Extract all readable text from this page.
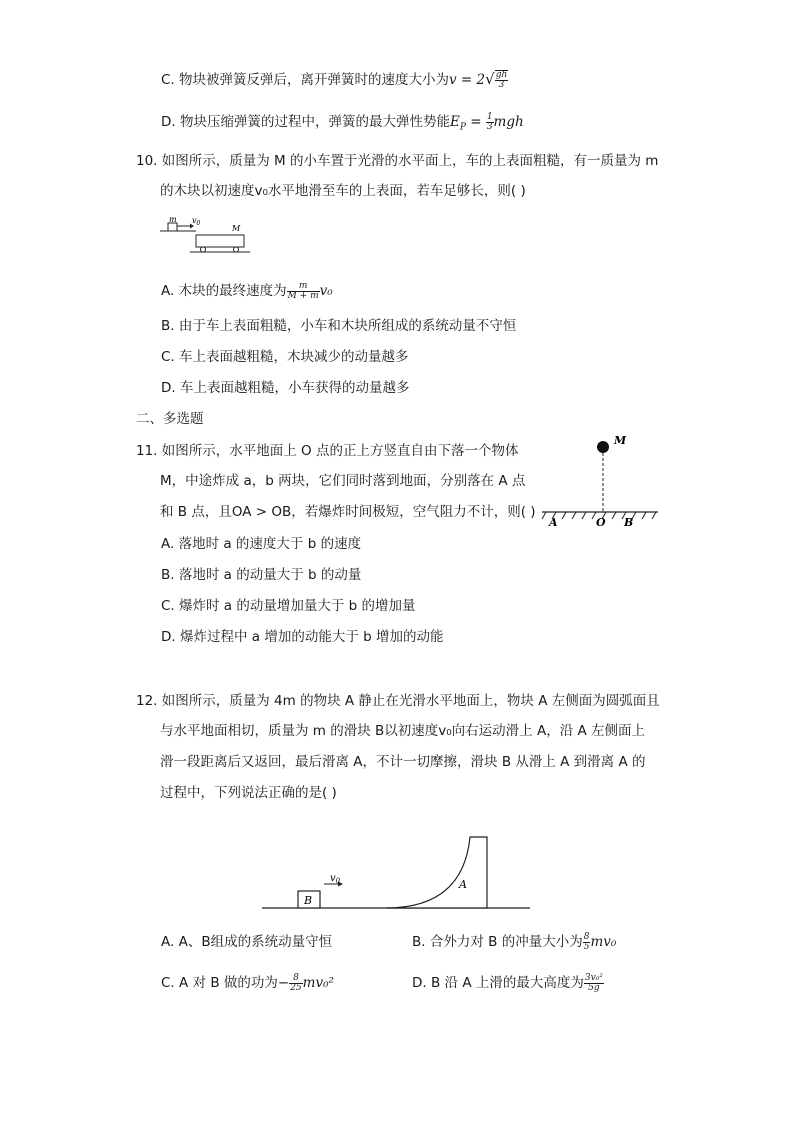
C. 物块被弹簧反弹后，离开弹簧时的速度大小为$v = 2√ \frac{gh}{3}$
D. 物块压缩弹簧的过程中，弹簧的最大弹性势能$E_P = \frac{1}{3}$ mgh
10. 如图所示，质量为 M 的小车置于光滑的水平面上，车的上表面粗糙，有一质量为 m
的木块以初速度v₀水平地滑至车的上表面，若车足够长，则( )
m $v_0$
M
A. 木块的最终速度为 $\frac{m}{M + m} v_0$
B. 由于车上表面粗糙，小车和木块所组成的系统动量不守恒
C. 车上表面越粗糙，木块减少的动量越多
D. 车上表面越粗糙，小车获得的动量越多
二、多选题
11. 如图所示，水平地面上 O 点的正上方竖直自由下落一个物体
M，中途炸成 a，b 两块，它们同时落到地面，分别落在 A 点
和 B 点，且OA > OB，若爆炸时间极短，空气阻力不计，则( )
M
A	O B
A. 落地时 a 的速度大于 b 的速度
B. 落地时 a 的动量大于 b 的动量
C. 爆炸时 a 的动量增加量大于 b 的增加量
D. 爆炸过程中 a 增加的动能大于 b 增加的动能
12. 如图所示，质量为 4m 的物块 A 静止在光滑水平地面上，物块 A 左侧面为圆弧面且
与水平地面相切，质量为 m 的滑块 B以初速度v₀向右运动滑上 A，沿 A 左侧面上
滑一段距离后又返回，最后滑离 A，不计一切摩擦，滑块 B 从滑上 A 到滑离 A 的
过程中，下列说法正确的是( )
$v_0$
B
A
A. A、B组成的系统动量守恒	B. 合外力对 B 的冲量大小为 $\frac{8}{5} mv_0$
C. A 对 B 做的功为− $\frac{8}{25} mv_0^2$	D. B 沿 A 上滑的最大高度为 $\frac{\text{3v₀²}}{5g}$
